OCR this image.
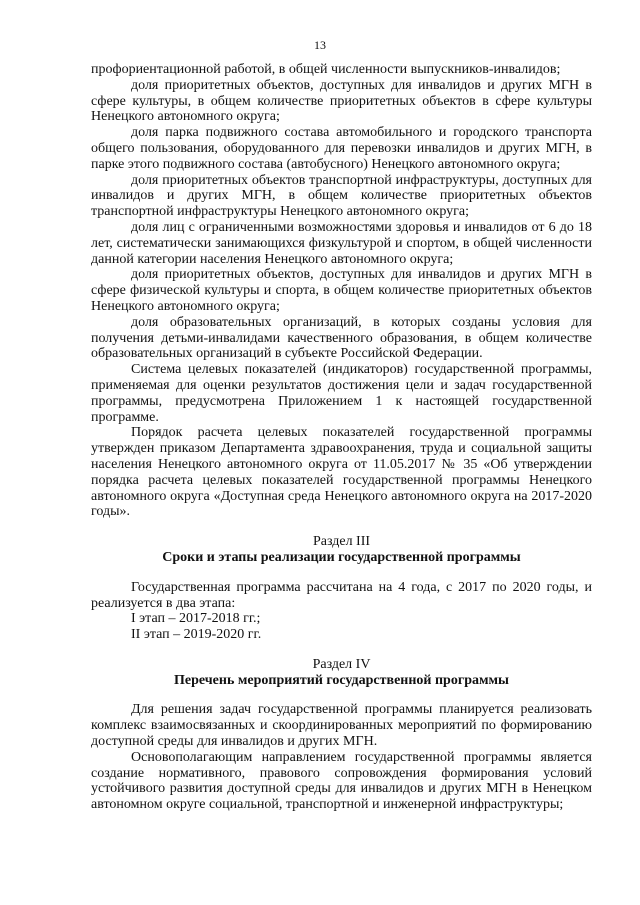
13

профориентационной работой, в общей численности выпускников-инвалидов;

доля приоритетных объектов, доступных для инвалидов и других МГН в сфере культуры, в общем количестве приоритетных объектов в сфере культуры Ненецкого автономного округа;

доля парка подвижного состава автомобильного и городского транспорта общего пользования, оборудованного для перевозки инвалидов и других МГН, в парке этого подвижного состава (автобусного) Ненецкого автономного округа;

доля приоритетных объектов транспортной инфраструктуры, доступных для инвалидов и других МГН, в общем количестве приоритетных объектов транспортной инфраструктуры Ненецкого автономного округа;

доля лиц с ограниченными возможностями здоровья и инвалидов от 6 до 18 лет, систематически занимающихся физкультурой и спортом, в общей численности данной категории населения Ненецкого автономного округа;

доля приоритетных объектов, доступных для инвалидов и других МГН в сфере физической культуры и спорта, в общем количестве приоритетных объектов Ненецкого автономного округа;

доля образовательных организаций, в которых созданы условия для получения детьми-инвалидами качественного образования, в общем количестве образовательных организаций в субъекте Российской Федерации.

Система целевых показателей (индикаторов) государственной программы, применяемая для оценки результатов достижения цели и задач государственной программы, предусмотрена Приложением 1 к настоящей государственной программе.

Порядок расчета целевых показателей государственной программы утвержден приказом Департамента здравоохранения, труда и социальной защиты населения Ненецкого автономного округа от 11.05.2017 № 35 «Об утверждении порядка расчета целевых показателей государственной программы Ненецкого автономного округа «Доступная среда Ненецкого автономного округа на 2017-2020 годы».

Раздел III
Сроки и этапы реализации государственной программы

Государственная программа рассчитана на 4 года, с 2017 по 2020 годы, и реализуется в два этапа:

I этап – 2017-2018 гг.;

II этап – 2019-2020 гг.

Раздел IV
Перечень мероприятий государственной программы

Для решения задач государственной программы планируется реализовать комплекс взаимосвязанных и скоординированных мероприятий по формированию доступной среды для инвалидов и других МГН.

Основополагающим направлением государственной программы является создание нормативного, правового сопровождения формирования условий устойчивого развития доступной среды для инвалидов и других МГН в Ненецком автономном округе социальной, транспортной и инженерной инфраструктуры;
